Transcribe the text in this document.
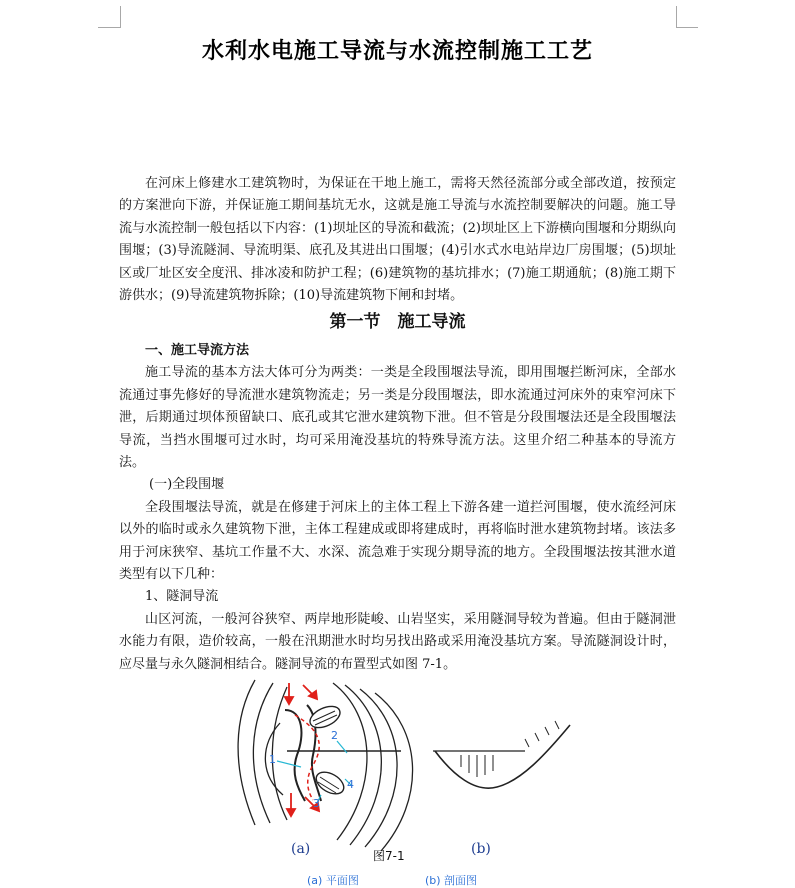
水利水电施工导流与水流控制施工工艺

在河床上修建水工建筑物时，为保证在干地上施工，需将天然径流部分或全部改道，按预定的方案泄向下游，并保证施工期间基坑无水，这就是施工导流与水流控制要解决的问题。施工导流与水流控制一般包括以下内容：(1)坝址区的导流和截流；(2)坝址区上下游横向围堰和分期纵向围堰；(3)导流隧洞、导流明渠、底孔及其进出口围堰；(4)引水式水电站岸边厂房围堰；(5)坝址区或厂址区安全度汛、排冰凌和防护工程；(6)建筑物的基坑排水；(7)施工期通航；(8)施工期下游供水；(9)导流建筑物拆除；(10)导流建筑物下闸和封堵。

第一节　施工导流

一、施工导流方法

施工导流的基本方法大体可分为两类：一类是全段围堰法导流，即用围堰拦断河床，全部水流通过事先修好的导流泄水建筑物流走；另一类是分段围堰法，即水流通过河床外的束窄河床下泄，后期通过坝体预留缺口、底孔或其它泄水建筑物下泄。但不管是分段围堰法还是全段围堰法导流，当挡水围堰可过水时，均可采用淹没基坑的特殊导流方法。这里介绍二种基本的导流方法。

(一)全段围堰

全段围堰法导流，就是在修建于河床上的主体工程上下游各建一道拦河围堰，使水流经河床以外的临时或永久建筑物下泄，主体工程建成或即将建成时，再将临时泄水建筑物封堵。该法多用于河床狭窄、基坑工作量不大、水深、流急难于实现分期导流的地方。全段围堰法按其泄水道类型有以下几种：

1、隧洞导流

山区河流，一般河谷狭窄、两岸地形陡峻、山岩坚实，采用隧洞导较为普遍。但由于隧洞泄水能力有限，造价较高，一般在汛期泄水时均另找出路或采用淹没基坑方案。导流隧洞设计时，应尽量与永久隧洞相结合。隧洞导流的布置型式如图 7-1。

1
2
3
4
(a)	(b)
图7-1
(a) 平面图	(b) 剖面图
